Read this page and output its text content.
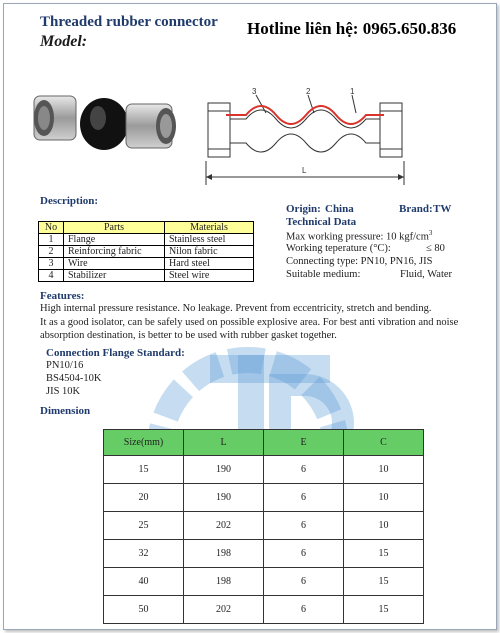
Threaded rubber connector
Model:
Hotline liên hệ: 0965.650.836
3	2	1
L
Description:
No	Parts	Materials
1	Flange	Stainless steel
2	Reinforcing fabric	Nilon fabric
3	Wire	Hard steel
4	Stabilizer	Steel wire
Origin: China	Brand: TW
Technical Data
Max working pressure: 10 kgf/$cm^3$
Working teperature (°C):	≤ 80
Connecting type: PN10, PN16, JIS
Suitable medium:	Fluid, Water
Features:
High internal pressure resistance. No leakage. Prevent from eccentricity, stretch and bending.
It as a good isolator, can be safely used on possible explosive area. For best anti vibration and noise
absorption destination, is better to be used with rubber gasket together.
Connection Flange Standard:
PN10/16
BS4504-10K
JIS 10K
Dimension
Size(mm)	L	E	C
15	190	6	10
20	190	6	10
25	202	6	10
32	198	6	15
40	198	6	15
50	202	6	15
